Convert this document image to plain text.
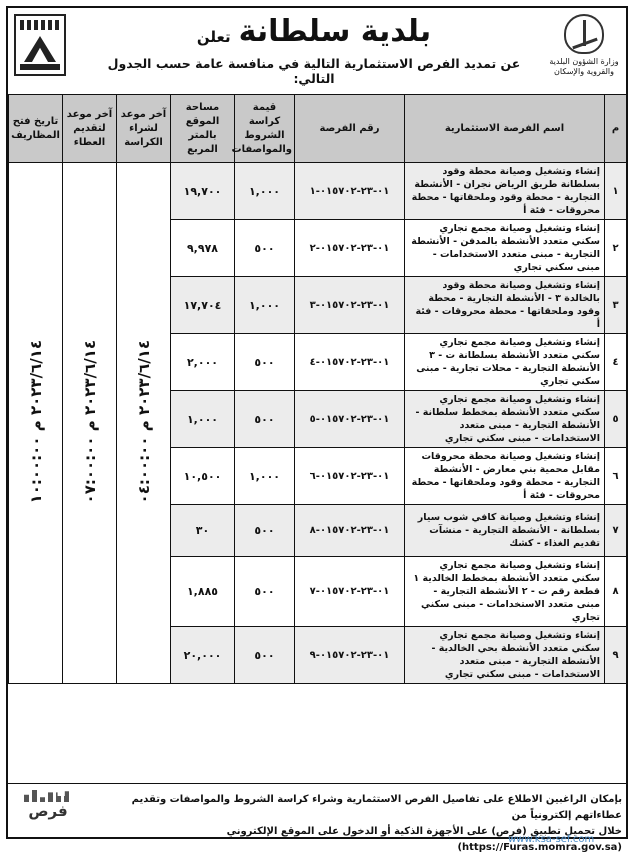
وزارة الشؤون البلدية والقروية والإسكان
بلدية سلطانة
تعلن
عن تمديد الفرص الاستثمارية التالية في منافسة عامة حسب الجدول التالي:
م	اسم الفرصة الاستثمارية	رقم الفرصة	قيمة كراسة الشروط والمواصفات	مساحة الموقع بالمتر المربع	آخر موعد لشراء الكراسة	آخر موعد لتقديم العطاء	تاريخ فتح المظاريف
١	إنشاء وتشغيل وصيانة محطة وقود بسلطانة طريق الرياض نجران - الأنشطة التجارية - محطة وقود وملحقاتها - محطة محروقات - فئة أ	٠١-٢٣-٠١٥٧٠٢-١	١,٠٠٠	١٩,٧٠٠	٢٠٢٣/٦/١٤ م ٠٤:٠٠:٠٠	٢٠٢٣/٦/١٤ م ٠٧:٠٠:٠٠	٢٠٢٣/٦/١٤ م ١٠:٠٠:٠٠
٢	إنشاء وتشغيل وصيانة مجمع تجاري سكني متعدد الأنشطة بالمدفن - الأنشطة التجارية - مبنى متعدد الاستخدامات - مبنى سكني تجاري	٠١-٢٣-٠١٥٧٠٢-٢	٥٠٠	٩,٩٧٨			
٣	إنشاء وتشغيل وصيانة محطة وقود بالخالدة ٣ - الأنشطة التجارية - محطة وقود وملحقاتها - محطة محروقات - فئة أ	٠١-٢٣-٠١٥٧٠٢-٣	١,٠٠٠	١٧,٧٠٤			
٤	إنشاء وتشغيل وصيانة مجمع تجاري سكني متعدد الأنشطة بسلطانة ت - ٣ الأنشطة التجارية - محلات تجارية - مبنى سكني تجاري	٠١-٢٣-٠١٥٧٠٢-٤	٥٠٠	٢,٠٠٠			
٥	إنشاء وتشغيل وصيانة مجمع تجاري سكني متعدد الأنشطة بمخطط سلطانة - الأنشطة التجارية - مبنى متعدد الاستخدامات - مبنى سكني تجاري	٠١-٢٣-٠١٥٧٠٢-٥	٥٠٠	١,٠٠٠			
٦	إنشاء وتشغيل وصيانة محطة محروقات مقابل محمية بني معارض - الأنشطة التجارية - محطة وقود وملحقاتها - محطة محروقات - فئة أ	٠١-٢٣-٠١٥٧٠٢-٦	١,٠٠٠	١٠,٥٠٠			
٧	إنشاء وتشغيل وصيانة كافي شوب سيار بسلطانة - الأنشطة التجارية - منشآت تقديم الغذاء - كشك	٠١-٢٣-٠١٥٧٠٢-٨	٥٠٠	٣٠			
٨	إنشاء وتشغيل وصيانة مجمع تجاري سكني متعدد الأنشطة بمخطط الخالدية ١ قطعة رقم ت - ٢ الأنشطة التجارية - مبنى متعدد الاستخدامات - مبنى سكني تجاري	٠١-٢٣-٠١٥٧٠٢-٧	٥٠٠	١,٨٨٥			
٩	إنشاء وتشغيل وصيانة مجمع تجاري سكني متعدد الأنشطة بحي الخالدية - الأنشطة التجارية - مبنى متعدد الاستخدامات - مبنى سكني تجاري	٠١-٢٣-٠١٥٧٠٢-٩	٥٠٠	٢٠,٠٠٠			
بإمكان الراغبين الاطلاع على تفاصيل الفرص الاستثمارية وشراء كراسة الشروط والمواصفات وتقديم عطاءاتهم إلكترونياً من
خلال تحميل تطبيق (فرص) على الأجهزة الذكية أو الدخول على الموقع الإلكتروني (https://Furas.momra.gov.sa)
فرص
www.ksa-sef.com
